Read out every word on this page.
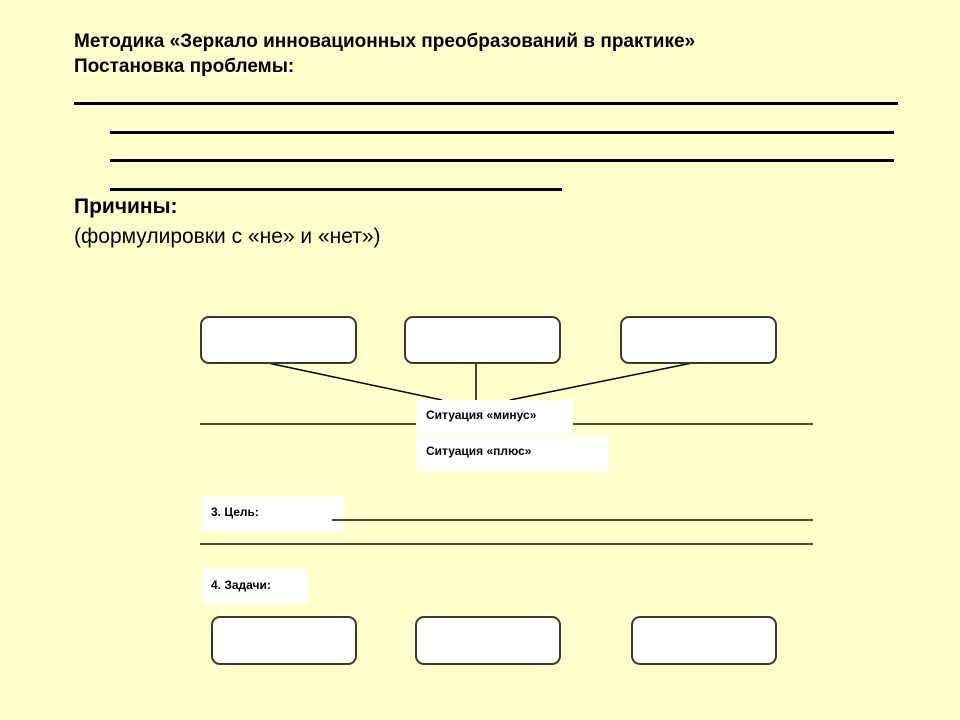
Методика «Зеркало инновационных преобразований в практике»
Постановка проблемы:
Причины:
(формулировки с «не» и «нет»)
Ситуация «минус»
Ситуация «плюс»
3. Цель:
4. Задачи:
